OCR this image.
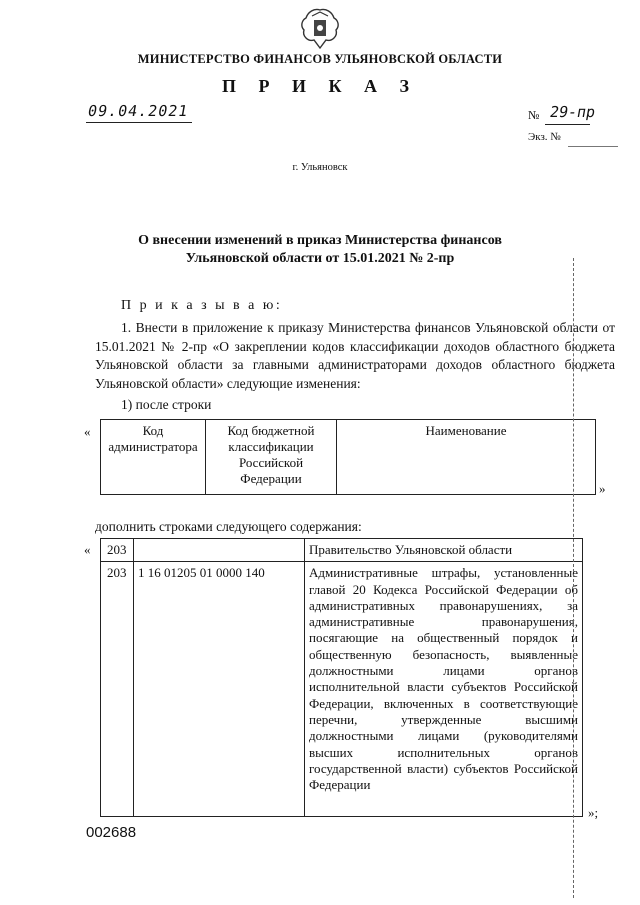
МИНИСТЕРСТВО ФИНАНСОВ УЛЬЯНОВСКОЙ ОБЛАСТИ
П Р И К А З
09.04.2021	№ 29-пр
Экз. №
г. Ульяновск
О внесении изменений в приказ Министерства финансов
Ульяновской области от 15.01.2021 № 2-пр
П р и к а з ы в а ю:
1. Внести в приложение к приказу Министерства финансов Ульяновской области от 15.01.2021 № 2-пр «О закреплении кодов классификации доходов областного бюджета Ульяновской области за главными администраторами доходов областного бюджета Ульяновской области» следующие изменения:
1) после строки
«	Код администратора	Код бюджетной классификации Российской Федерации	Наименование
»
дополнить строками следующего содержания:
« 203		Правительство Ульяновской области
203	1 16 01205 01 0000 140	Административные штрафы, установленные главой 20 Кодекса Российской Федерации об административных правонарушениях, за административные правонарушения, посягающие на общественный порядок и общественную безопасность, выявленные должностными лицами органов исполнительной власти субъектов Российской Федерации, включенных в соответствующие перечни, утвержденные высшими должностными лицами (руководителями высших исполнительных органов государственной власти) субъектов Российской Федерации
»;
002688
